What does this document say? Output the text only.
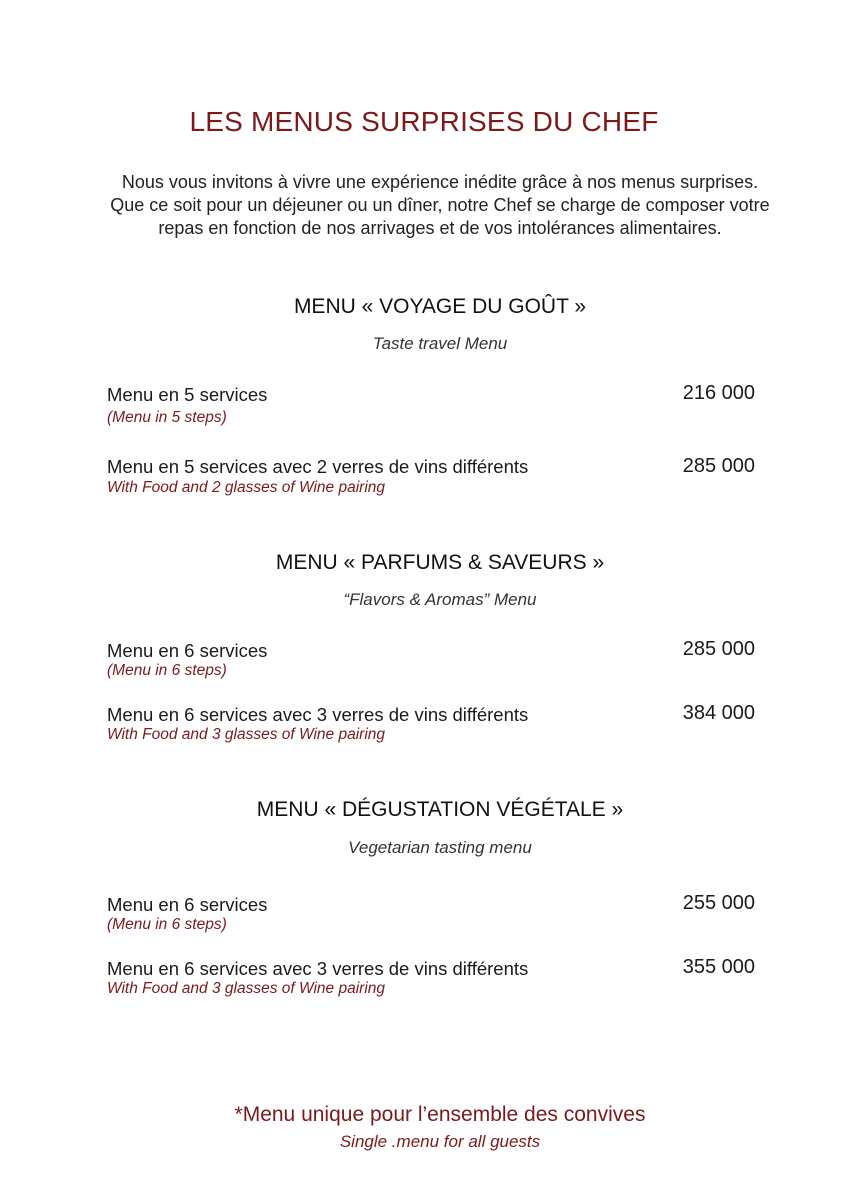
LES MENUS SURPRISES DU CHEF
Nous vous invitons à vivre une expérience inédite grâce à nos menus surprises.
Que ce soit pour un déjeuner ou un dîner, notre Chef se charge de composer votre
repas en fonction de nos arrivages et de vos intolérances alimentaires.
MENU « VOYAGE DU GOÛT »
Taste travel Menu
Menu en 5 services
(Menu in 5 steps)
216 000
Menu en 5 services avec 2 verres de vins différents
With Food and 2 glasses of Wine pairing
285 000
MENU « PARFUMS & SAVEURS »
“Flavors & Aromas” Menu
Menu en 6 services
(Menu in 6 steps)
285 000
Menu en 6 services avec 3 verres de vins différents
With Food and 3 glasses of Wine pairing
384 000
MENU « DÉGUSTATION VÉGÉTALE »
Vegetarian tasting menu
Menu en 6 services
(Menu in 6 steps)
255 000
Menu en 6 services avec 3 verres de vins différents
With Food and 3 glasses of Wine pairing
355 000
*Menu unique pour l’ensemble des convives
Single .menu for all guests
